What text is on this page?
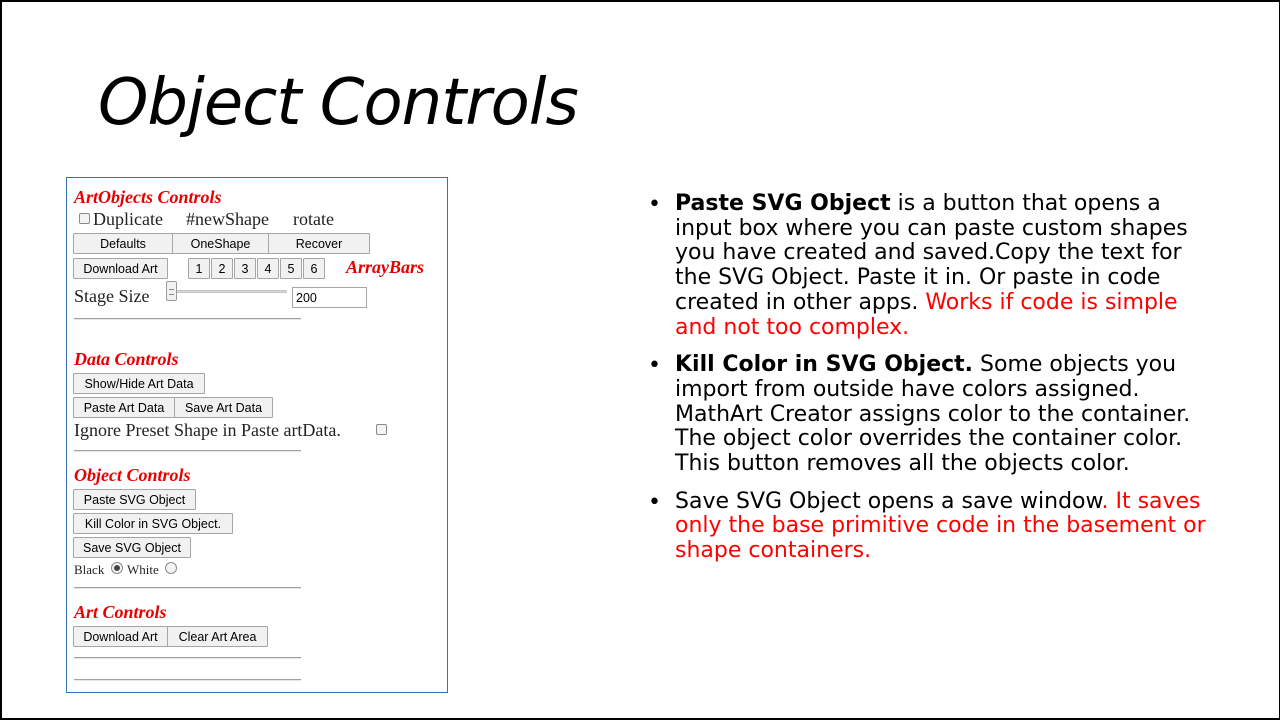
Object Controls
ArtObjects Controls
Duplicate #newShape rotate
Defaults	OneShape	Recover
Download Art	1	2	3	4	5	6	ArrayBars
Stage Size	200
Data Controls
Show/Hide Art Data
Paste Art Data	Save Art Data
Ignore Preset Shape in Paste artData.
Object Controls
Paste SVG Object
Kill Color in SVG Object.
Save SVG Object
Black White
Art Controls
Download Art	Clear Art Area
• Paste SVG Object is a button that opens a input box where you can paste custom shapes you have created and saved.Copy the text for the SVG Object. Paste it in. Or paste in code created in other apps. Works if code is simple and not too complex.
• Kill Color in SVG Object. Some objects you import from outside have colors assigned. MathArt Creator assigns color to the container. The object color overrides the container color. This button removes all the objects color.
• Save SVG Object opens a save window. It saves only the base primitive code in the basement or shape containers.
